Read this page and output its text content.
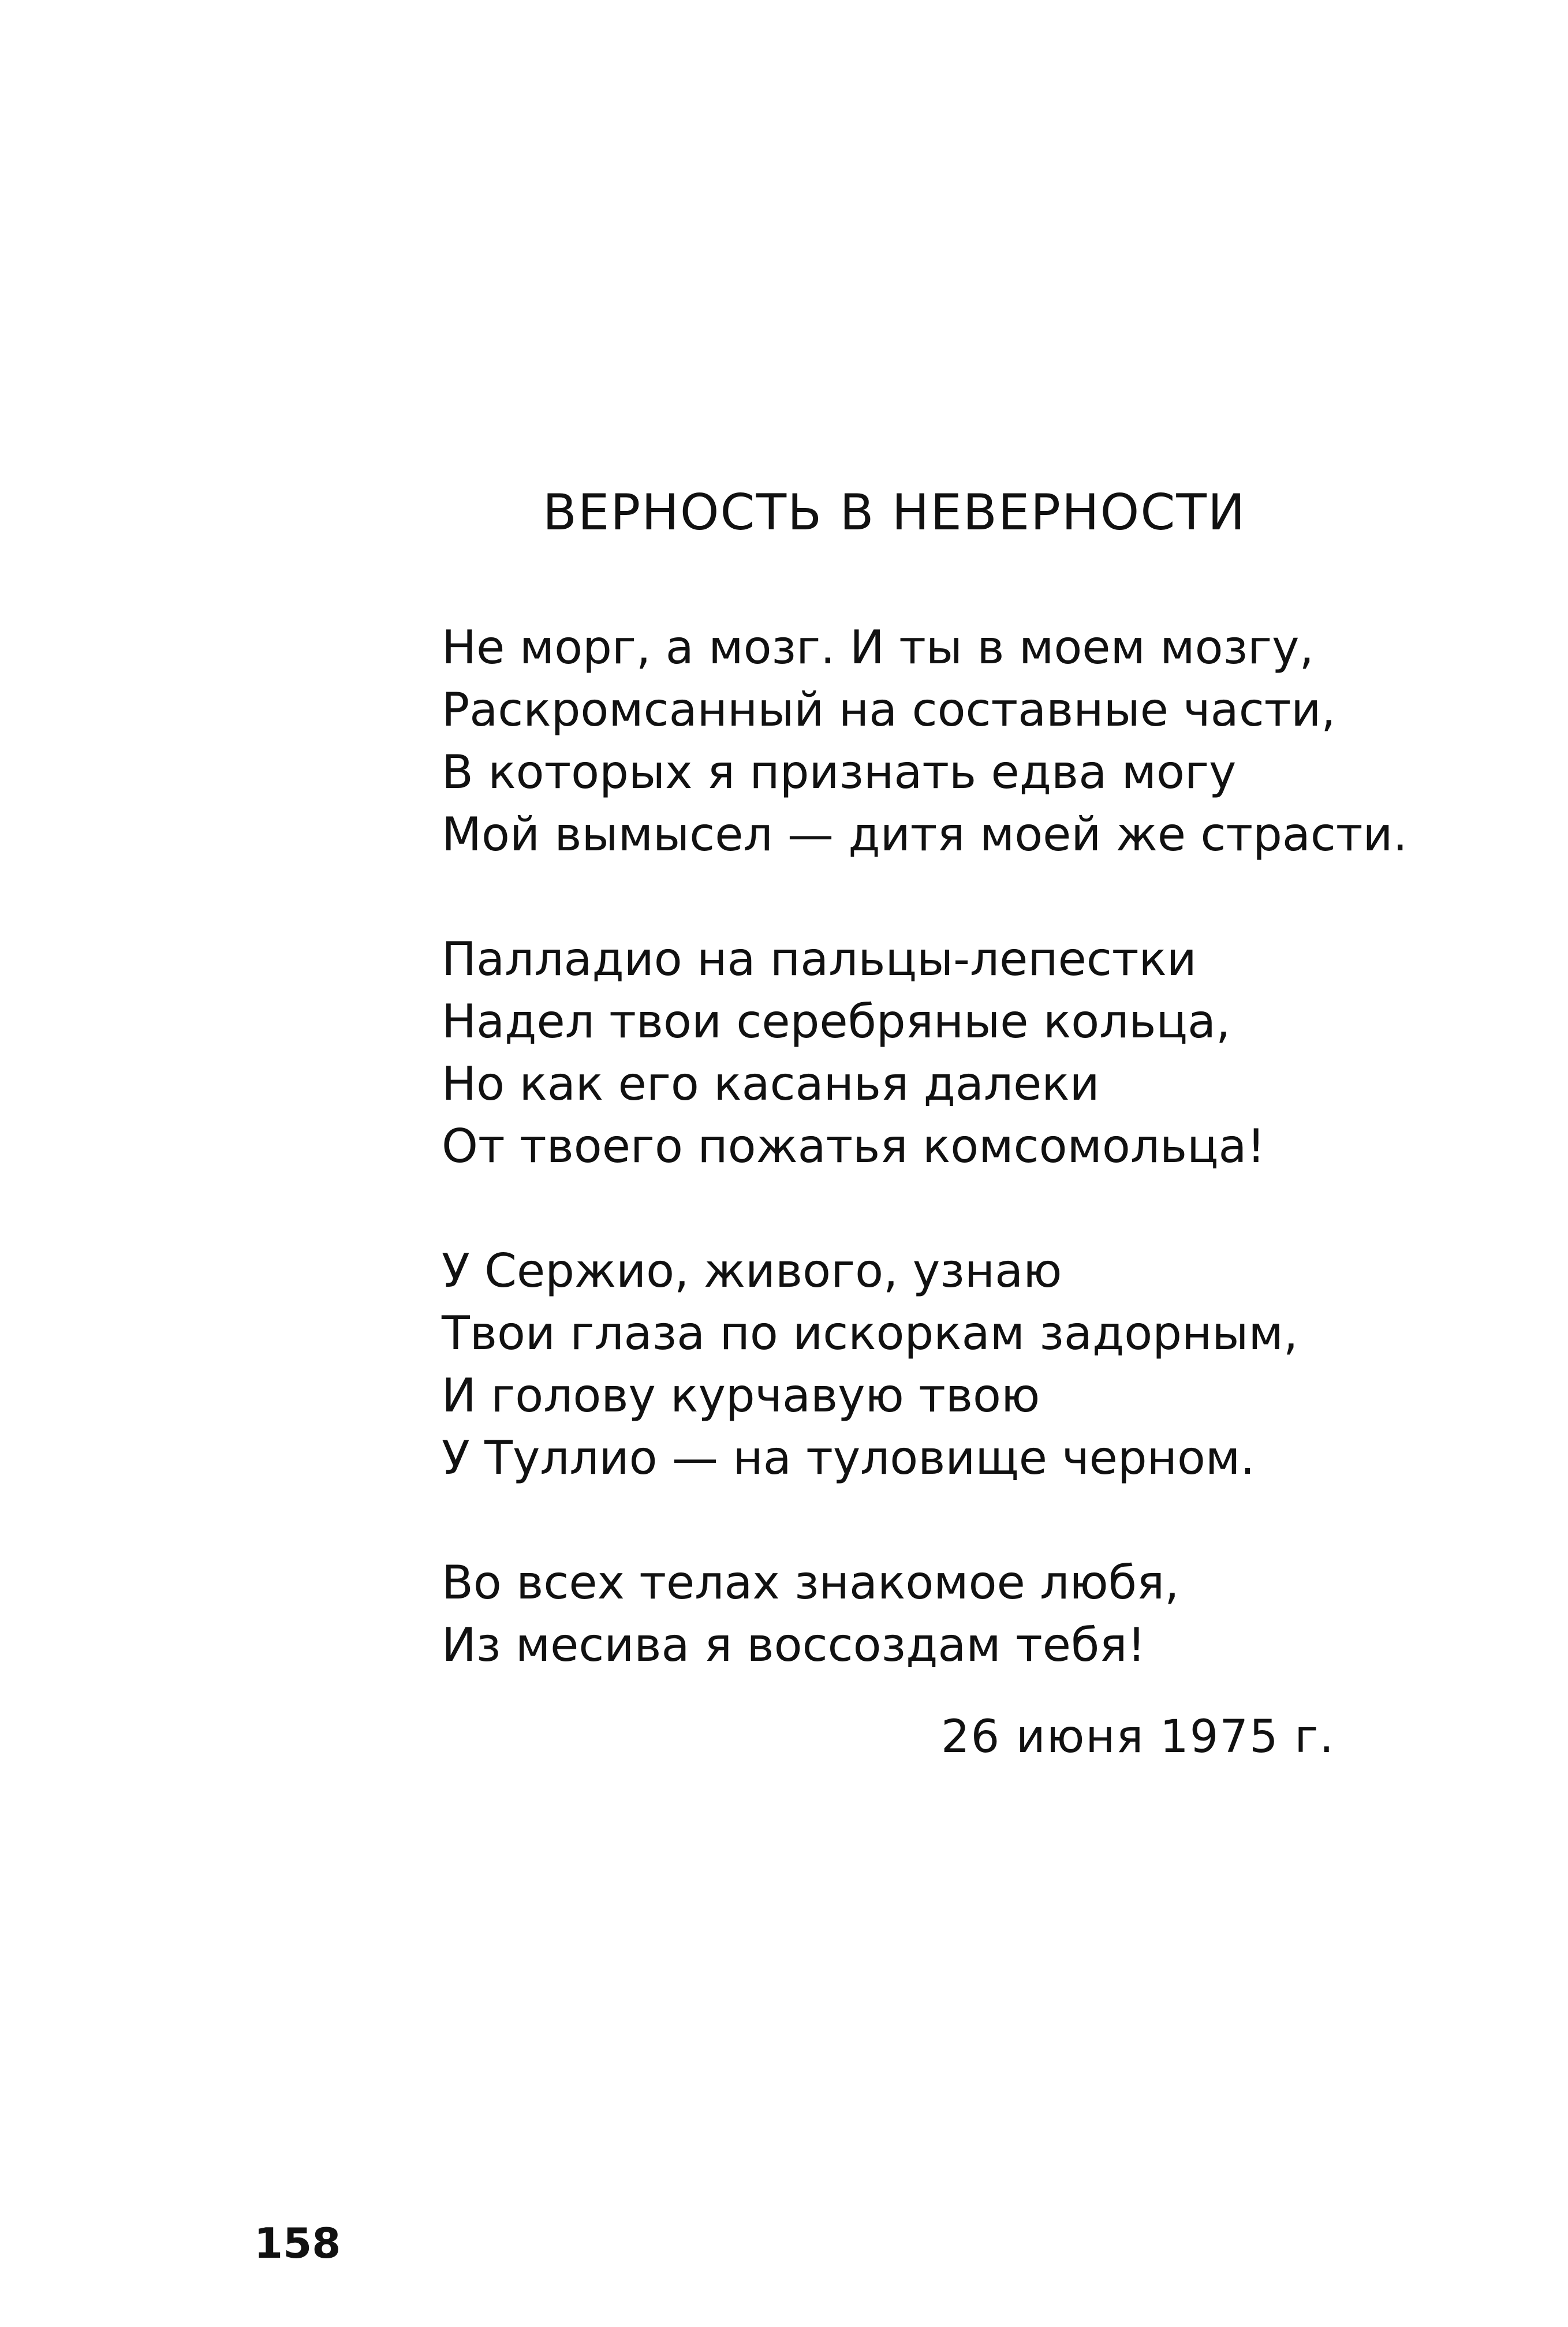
ВЕРНОСТЬ В НЕВЕРНОСТИ
Не морг, а мозг. И ты в моем мозгу,
Раскромсанный на составные части,
В которых я признать едва могу
Мой вымысел — дитя моей же страсти.
Палладио на пальцы-лепестки
Надел твои серебряные кольца,
Но как его касанья далеки
От твоего пожатья комсомольца!
У Сержио, живого, узнаю
Твои глаза по искоркам задорным,
И голову курчавую твою
У Туллио — на туловище черном.
Во всех телах знакомое любя,
Из месива я воссоздам тебя!
26 июня 1975 г.
158
